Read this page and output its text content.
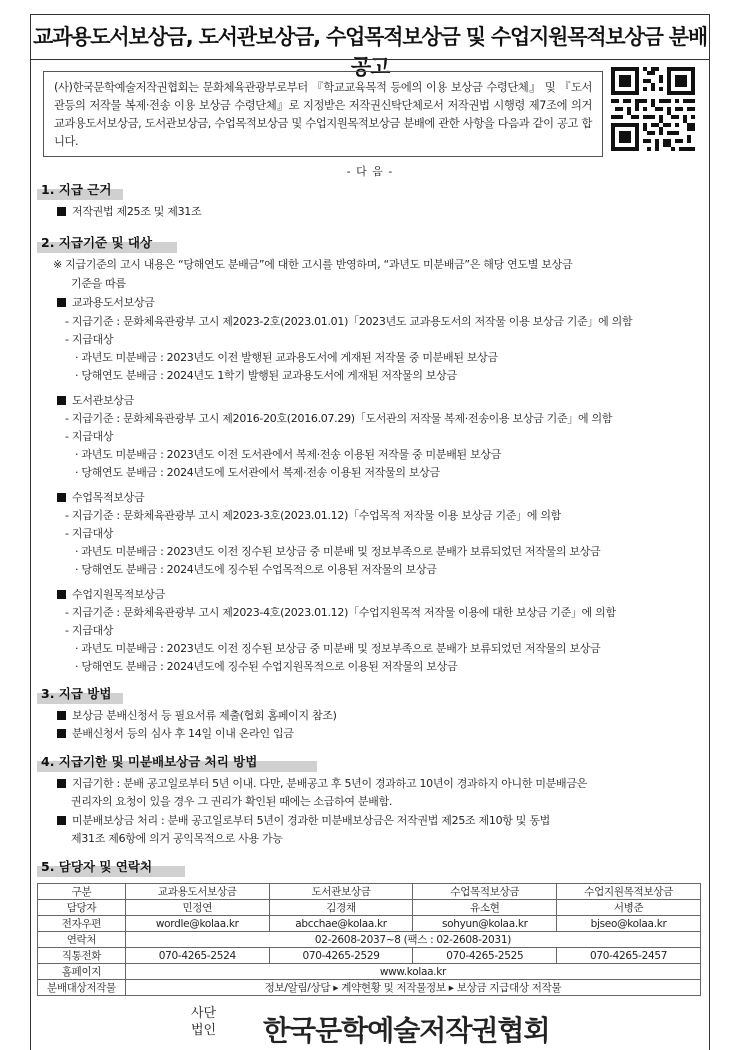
교과용도서보상금, 도서관보상금, 수업목적보상금 및 수업지원목적보상금 분배공고
(사)한국문학예술저작권협회는 문화체육관광부로부터 『학교교육목적 등에의 이용 보상금 수령단체』 및 『도서관등의 저작물 복제·전송 이용 보상금 수령단체』로 지정받은 저작권신탁단체로서 저작권법 시행령 제7조에 의거 교과용도서보상금, 도서관보상금, 수업목적보상금 및 수업지원목적보상금 분배에 관한 사항을 다음과 같이 공고 합니다.
- 다 음 -
1. 지급 근거
저작권법 제25조 및 제31조
2. 지급기준 및 대상
※ 지급기준의 고시 내용은 “당해연도 분배금”에 대한 고시를 반영하며, “과년도 미분배금”은 해당 연도별 보상금
기준을 따름
교과용도서보상금
- 지급기준 : 문화체육관광부 고시 제2023-2호(2023.01.01)「2023년도 교과용도서의 저작물 이용 보상금 기준」에 의함
- 지급대상
· 과년도 미분배금 : 2023년도 이전 발행된 교과용도서에 게재된 저작물 중 미분배된 보상금
· 당해연도 분배금 : 2024년도 1학기 발행된 교과용도서에 게재된 저작물의 보상금
도서관보상금
- 지급기준 : 문화체육관광부 고시 제2016-20호(2016.07.29)「도서관의 저작물 복제·전송이용 보상금 기준」에 의함
- 지급대상
· 과년도 미분배금 : 2023년도 이전 도서관에서 복제·전송 이용된 저작물 중 미분배된 보상금
· 당해연도 분배금 : 2024년도에 도서관에서 복제·전송 이용된 저작물의 보상금
수업목적보상금
- 지급기준 : 문화체육관광부 고시 제2023-3호(2023.01.12)「수업목적 저작물 이용 보상금 기준」에 의함
- 지급대상
· 과년도 미분배금 : 2023년도 이전 징수된 보상금 중 미분배 및 정보부족으로 분배가 보류되었던 저작물의 보상금
· 당해연도 분배금 : 2024년도에 징수된 수업목적으로 이용된 저작물의 보상금
수업지원목적보상금
- 지급기준 : 문화체육관광부 고시 제2023-4호(2023.01.12)「수업지원목적 저작물 이용에 대한 보상금 기준」에 의함
- 지급대상
· 과년도 미분배금 : 2023년도 이전 징수된 보상금 중 미분배 및 정보부족으로 분배가 보류되었던 저작물의 보상금
· 당해연도 분배금 : 2024년도에 징수된 수업지원목적으로 이용된 저작물의 보상금
3. 지급 방법
보상금 분배신청서 등 필요서류 제출(협회 홈페이지 참조)
분배신청서 등의 심사 후 14일 이내 온라인 입금
4. 지급기한 및 미분배보상금 처리 방법
지급기한 : 분배 공고일로부터 5년 이내. 다만, 분배공고 후 5년이 경과하고 10년이 경과하지 아니한 미분배금은
권리자의 요청이 있을 경우 그 권리가 확인된 때에는 소급하여 분배함.
미분배보상금 처리 : 분배 공고일로부터 5년이 경과한 미분배보상금은 저작권법 제25조 제10항 및 동법
제31조 제6항에 의거 공익목적으로 사용 가능
5. 담당자 및 연락처
구분	교과용도서보상금	도서관보상금	수업목적보상금	수업지원목적보상금
담당자	민정연	김경채	유소현	서병준
전자우편	wordle@kolaa.kr	abcchae@kolaa.kr	sohyun@kolaa.kr	bjseo@kolaa.kr
연락처	02-2608-2037~8 (팩스 : 02-2608-2031)			
직통전화	070-4265-2524	070-4265-2529	070-4265-2525	070-4265-2457
홈페이지	www.kolaa.kr			
분배대상저작물	정보/알림/상담 ▸ 계약현황 및 저작물정보 ▸ 보상금 지급대상 저작물			
사단
법인 한국문학예술저작권협회
